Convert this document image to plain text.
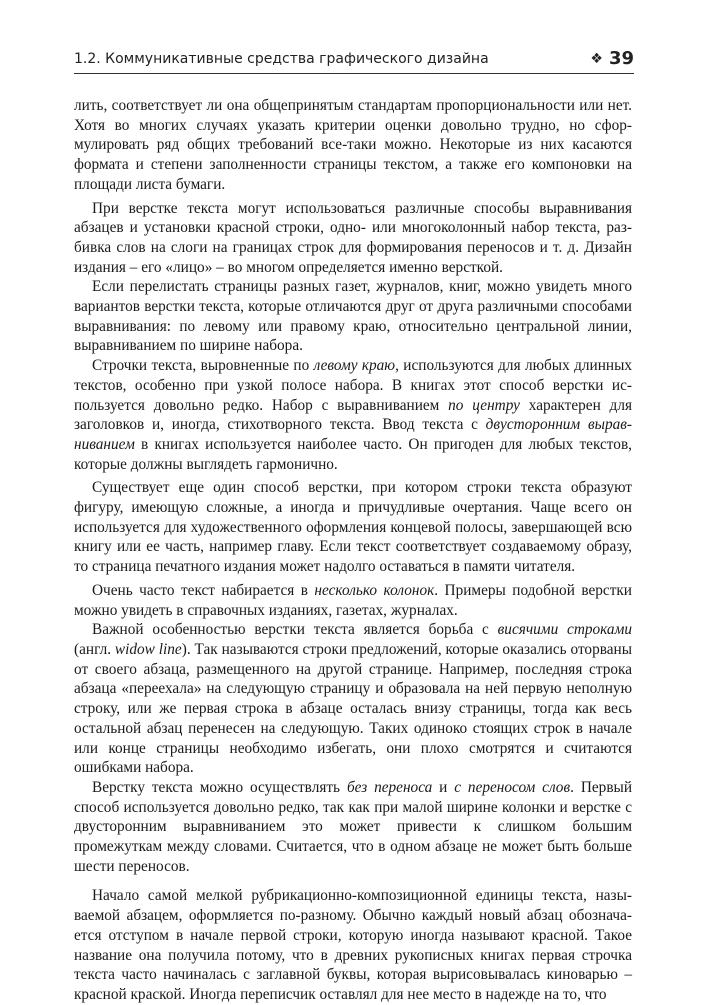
1.2. Коммуникативные средства графического дизайна	❖ 39

лить, соответствует ли она общепринятым стандартам пропорциональности или нет. Хотя во многих случаях указать критерии оценки довольно трудно, но сформулировать ряд общих требований все-таки можно. Некоторые из них касаются формата и степени заполненности страницы текстом, а также его компоновки на площади листа бумаги.

При верстке текста могут использоваться различные способы выравнивания абзацев и установки красной строки, одно- или многоколонный набор текста, разбивка слов на слоги на границах строк для формирования переносов и т. д. Дизайн издания – его «лицо» – во многом определяется именно версткой.

Если перелистать страницы разных газет, журналов, книг, можно увидеть много вариантов верстки текста, которые отличаются друг от друга различными способами выравнивания: по левому или правому краю, относительно центральной линии, выравниванием по ширине набора.

Строчки текста, выровненные по левому краю, используются для любых длинных текстов, особенно при узкой полосе набора. В книгах этот способ верстки используется довольно редко. Набор с выравниванием по центру характерен для заголовков и, иногда, стихотворного текста. Ввод текста с двусторонним выравниванием в книгах используется наиболее часто. Он пригоден для любых текстов, которые должны выглядеть гармонично.

Существует еще один способ верстки, при котором строки текста образуют фигуру, имеющую сложные, а иногда и причудливые очертания. Чаще всего он используется для художественного оформления концевой полосы, завершающей всю книгу или ее часть, например главу. Если текст соответствует создаваемому образу, то страница печатного издания может надолго оставаться в памяти читателя.

Очень часто текст набирается в несколько колонок. Примеры подобной верстки можно увидеть в справочных изданиях, газетах, журналах.

Важной особенностью верстки текста является борьба с висячими строками (англ. widow line). Так называются строки предложений, которые оказались оторваны от своего абзаца, размещенного на другой странице. Например, последняя строка абзаца «переехала» на следующую страницу и образовала на ней первую неполную строку, или же первая строка в абзаце осталась внизу страницы, тогда как весь остальной абзац перенесен на следующую. Таких одиноко стоящих строк в начале или конце страницы необходимо избегать, они плохо смотрятся и считаются ошибками набора.

Верстку текста можно осуществлять без переноса и с переносом слов. Первый способ используется довольно редко, так как при малой ширине колонки и верстке с двусторонним выравниванием это может привести к слишком большим промежуткам между словами. Считается, что в одном абзаце не может быть больше шести переносов.

Начало самой мелкой рубрикационно-композиционной единицы текста, называемой абзацем, оформляется по-разному. Обычно каждый новый абзац обозначается отступом в начале первой строки, которую иногда называют красной. Такое название она получила потому, что в древних рукописных книгах первая строчка текста часто начиналась с заглавной буквы, которая вырисовывалась киноварью – красной краской. Иногда переписчик оставлял для нее место в надежде на то, что
